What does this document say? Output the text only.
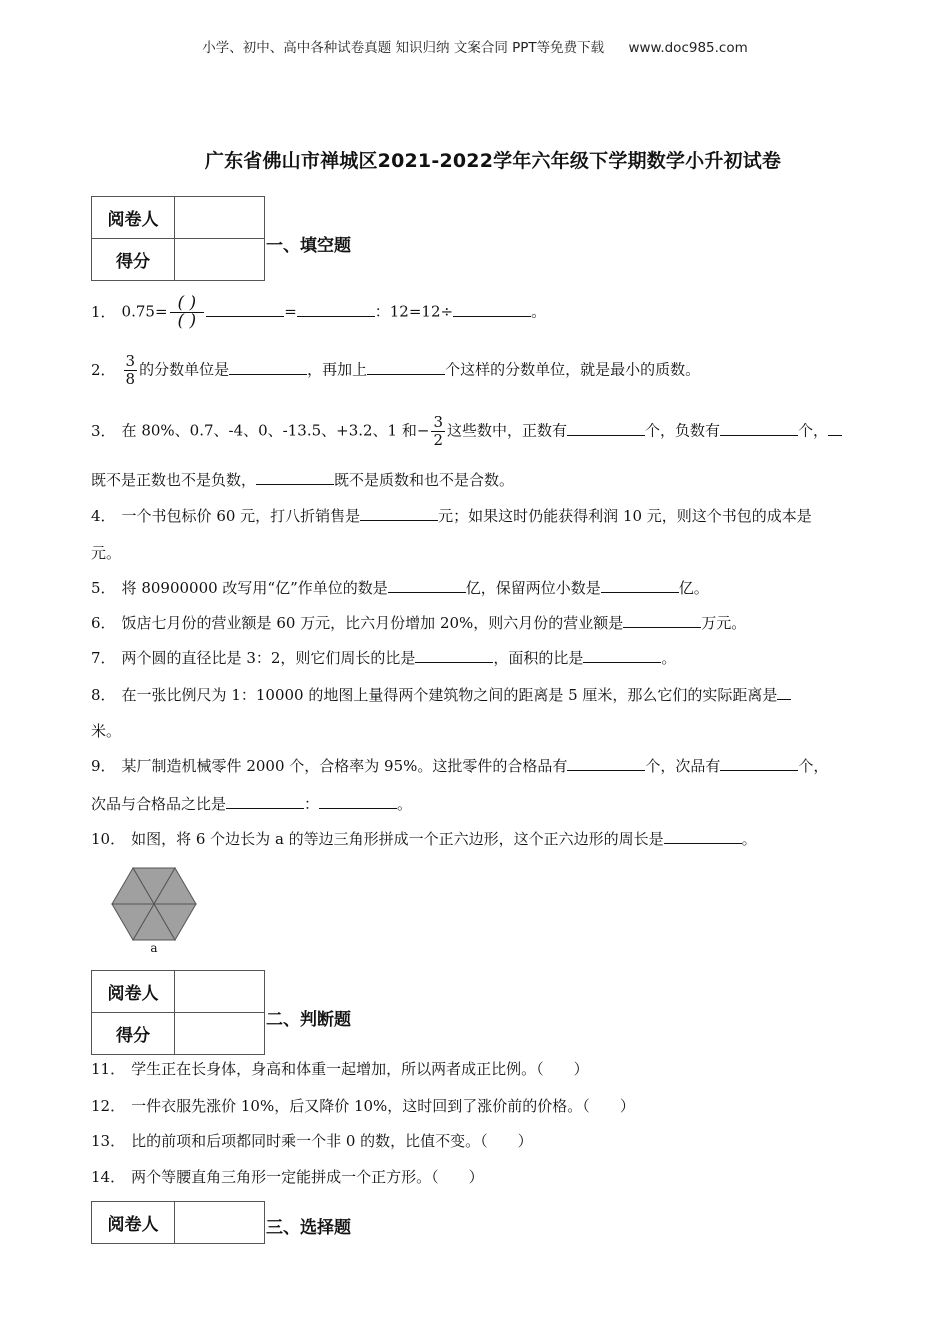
小学、初中、高中各种试卷真题 知识归纳 文案合同 PPT等免费下载 www.doc985.com
广东省佛山市禅城区2021-2022学年六年级下学期数学小升初试卷
阅卷人	
得分	
一、填空题
1． $0.75= \frac{( )}{( )}$	=	：12=12÷	。
2． $\frac{3}{8}$ 的分数单位是	，再加上	个这样的分数单位，就是最小的质数。
3． 在 80%、0.7、-4、0、-13.5、+3.2、1 和− $\frac{3}{2}$ 这些数中，正数有	个，负数有	个，
既不是正数也不是负数，	既不是质数和也不是合数。
4． 一个书包标价 60 元，打八折销售是	元；如果这时仍能获得利润 10 元，则这个书包的成本是
元。
5． 将 80900000 改写用“亿”作单位的数是	亿，保留两位小数是	亿。
6． 饭店七月份的营业额是 60 万元，比六月份增加 20%，则六月份的营业额是	万元。
7． 两个圆的直径比是 3：2，则它们周长的比是	，面积的比是	。
8． 在一张比例尺为 1：10000 的地图上量得两个建筑物之间的距离是 5 厘米，那么它们的实际距离是
米。
9． 某厂制造机械零件 2000 个，合格率为 95%。这批零件的合格品有	个，次品有	个，
次品与合格品之比是	：	。
10． 如图，将 6 个边长为 a 的等边三角形拼成一个正六边形，这个正六边形的周长是	。
a
阅卷人	
得分	
二、判断题
11． 学生正在长身体，身高和体重一起增加，所以两者成正比例。（　　）
12． 一件衣服先涨价 10%，后又降价 10%，这时回到了涨价前的价格。（　　）
13． 比的前项和后项都同时乘一个非 0 的数，比值不变。（　　）
14． 两个等腰直角三角形一定能拼成一个正方形。（　　）
阅卷人		三、选择题
